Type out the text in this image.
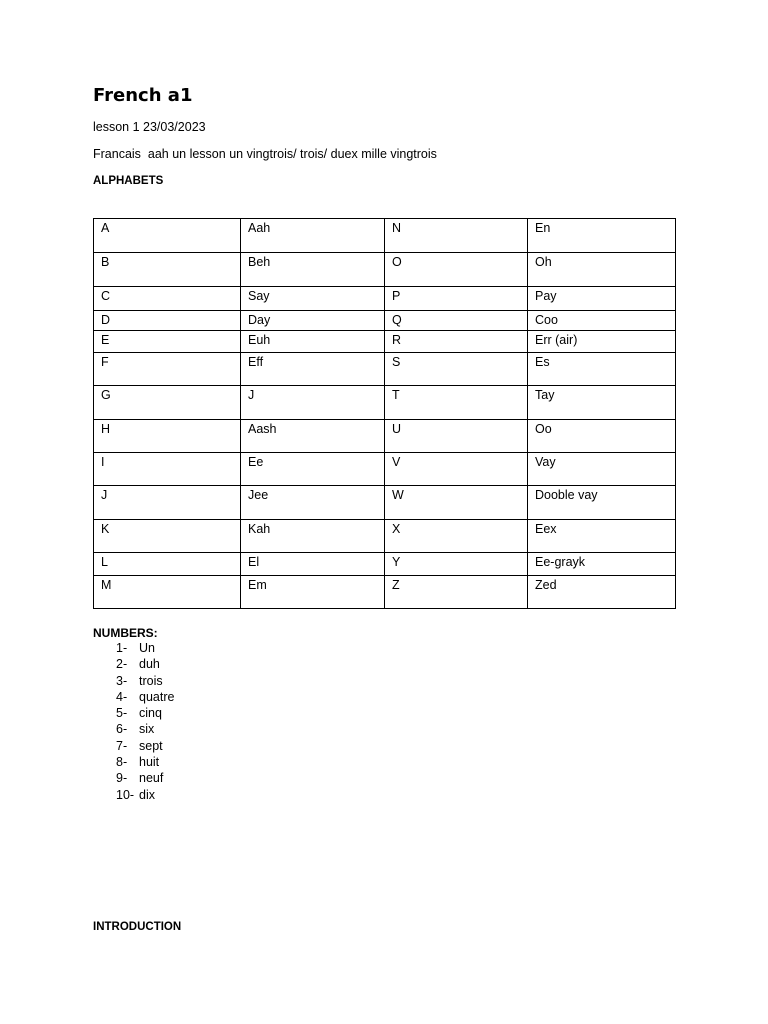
French a1

lesson 1 23/03/2023

Francais  aah un lesson un vingtrois/ trois/ duex mille vingtrois

ALPHABETS

A	Aah	N	En
B	Beh	O	Oh
C	Say	P	Pay
D	Day	Q	Coo
E	Euh	R	Err (air)
F	Eff	S	Es
G	J	T	Tay
H	Aash	U	Oo
I	Ee	V	Vay
J	Jee	W	Dooble vay
K	Kah	X	Eex
L	El	Y	Ee-grayk
M	Em	Z	Zed

NUMBERS:

1- Un
2- duh
3- trois
4- quatre
5- cinq
6- six
7- sept
8- huit
9- neuf
10- dix

INTRODUCTION
